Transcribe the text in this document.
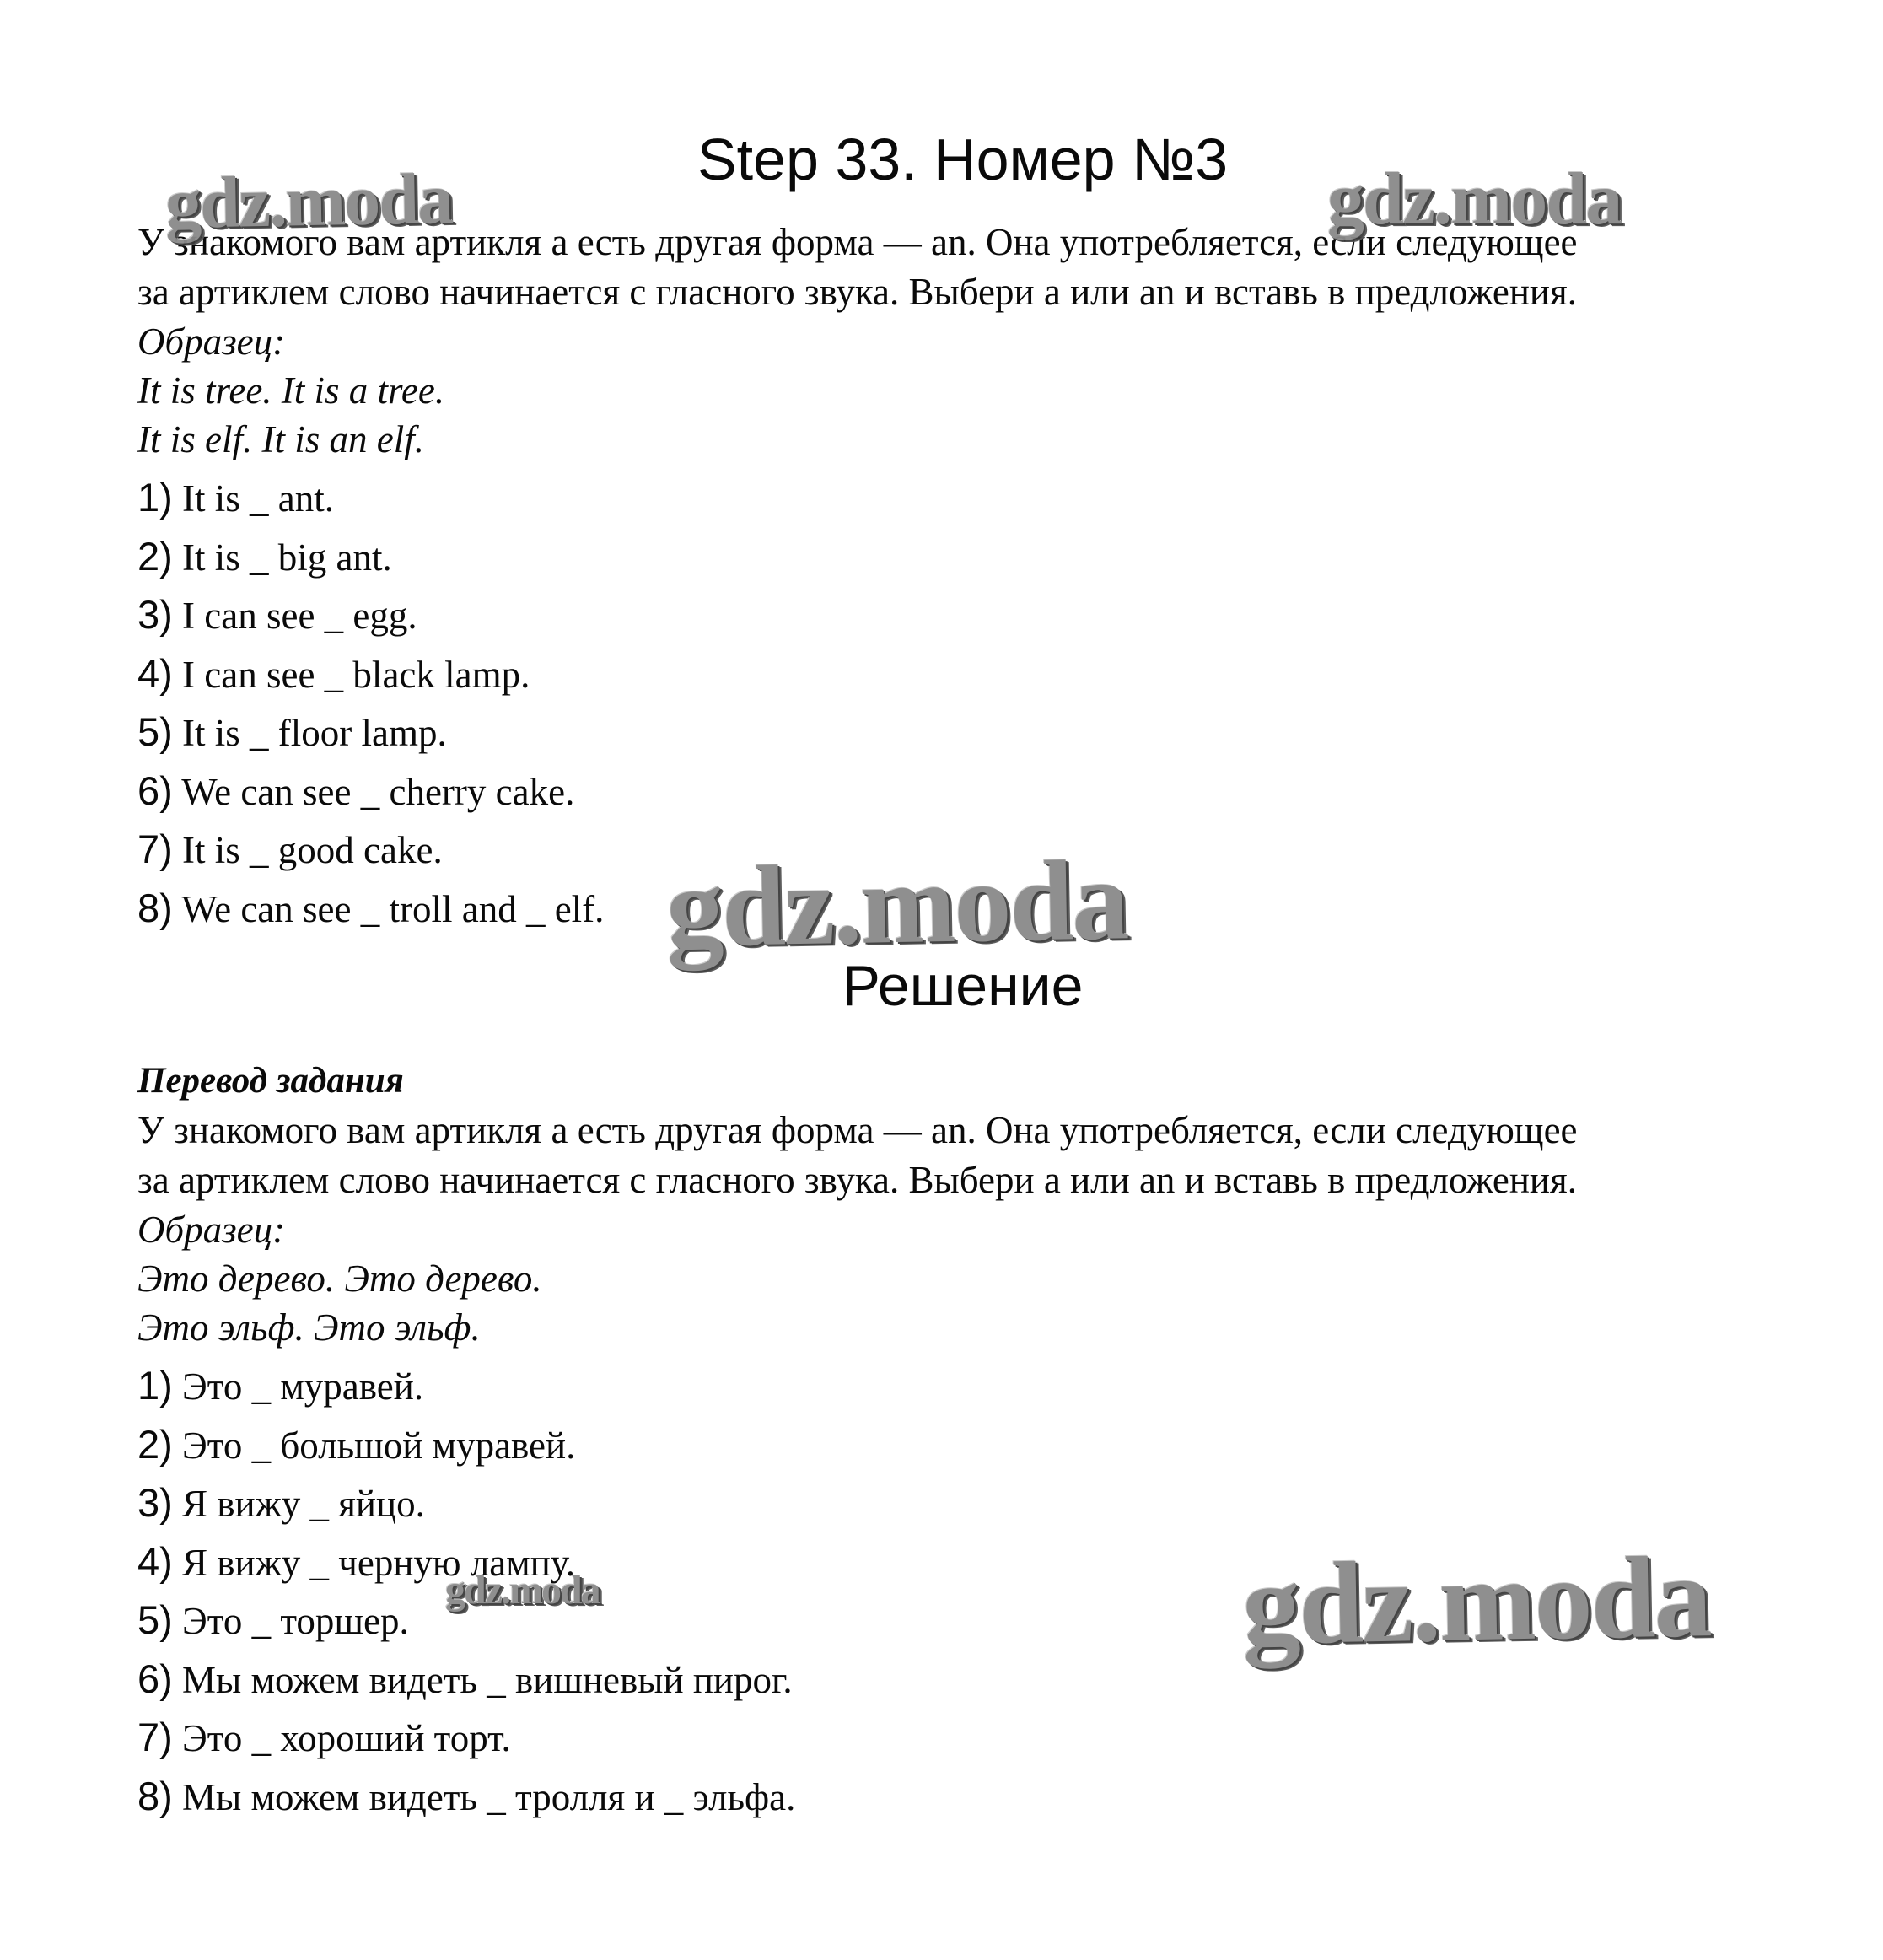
Step 33. Номер №3

У знакомого вам артикля a есть другая форма — an. Она употребляется, если следующее

за артиклем слово начинается с гласного звука. Выбери a или an и вставь в предложения.

Образец:

It is tree. It is a tree.

It is elf. It is an elf.

1) It is _ ant.

2) It is _ big ant.

3) I can see _ egg.

4) I can see _ black lamp.

5) It is _ floor lamp.

6) We can see _ cherry cake.

7) It is _ good cake.

8) We can see _ troll and _ elf.

Решение

Перевод задания

У знакомого вам артикля a есть другая форма — an. Она употребляется, если следующее

за артиклем слово начинается с гласного звука. Выбери a или an и вставь в предложения.

Образец:

Это дерево. Это дерево.

Это эльф. Это эльф.

1) Это _ муравей.

2) Это _ большой муравей.

3) Я вижу _ яйцо.

4) Я вижу _ черную лампу.

5) Это _ торшер.

6) Мы можем видеть _ вишневый пирог.

7) Это _ хороший торт.

8) Мы можем видеть _ тролля и _ эльфа.

gdz.moda	gdz.moda
gdz.moda
gdz.moda	gdz.moda
